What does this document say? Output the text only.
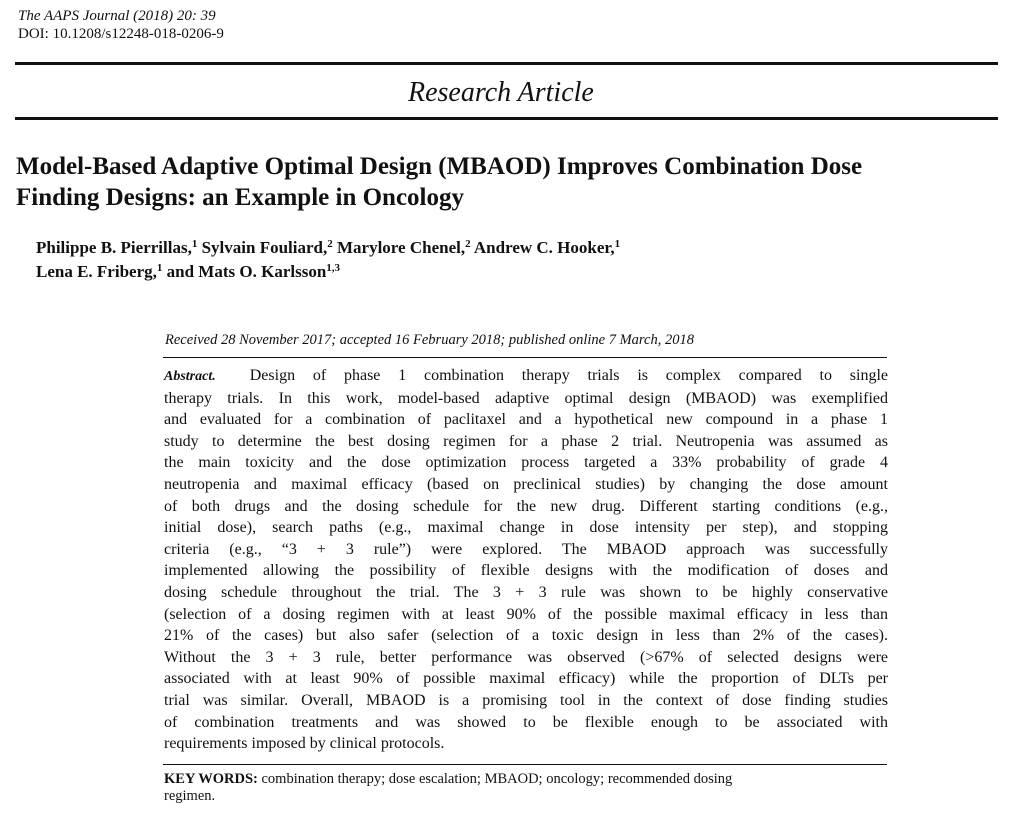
The AAPS Journal (2018) 20: 39
DOI: 10.1208/s12248-018-0206-9
Research Article
Model-Based Adaptive Optimal Design (MBAOD) Improves Combination Dose
Finding Designs: an Example in Oncology
Philippe B. Pierrillas,$^1$ Sylvain Fouliard,$^2$ Marylore Chenel,$^2$ Andrew C. Hooker,$^1$
Lena E. Friberg,$^1$ and Mats O. Karlsson$^{1,3}$
Received 28 November 2017; accepted 16 February 2018; published online 7 March, 2018
Abstract. Design of phase 1 combination therapy trials is complex compared to single
therapy trials. In this work, model-based adaptive optimal design (MBAOD) was exemplified
and evaluated for a combination of paclitaxel and a hypothetical new compound in a phase 1
study to determine the best dosing regimen for a phase 2 trial. Neutropenia was assumed as
the main toxicity and the dose optimization process targeted a 33% probability of grade 4
neutropenia and maximal efficacy (based on preclinical studies) by changing the dose amount
of both drugs and the dosing schedule for the new drug. Different starting conditions (e.g.,
initial dose), search paths (e.g., maximal change in dose intensity per step), and stopping
criteria (e.g., “3 + 3 rule”) were explored. The MBAOD approach was successfully
implemented allowing the possibility of flexible designs with the modification of doses and
dosing schedule throughout the trial. The 3 + 3 rule was shown to be highly conservative
(selection of a dosing regimen with at least 90% of the possible maximal efficacy in less than
21% of the cases) but also safer (selection of a toxic design in less than 2% of the cases).
Without the 3 + 3 rule, better performance was observed (>67% of selected designs were
associated with at least 90% of possible maximal efficacy) while the proportion of DLTs per
trial was similar. Overall, MBAOD is a promising tool in the context of dose finding studies
of combination treatments and was showed to be flexible enough to be associated with
requirements imposed by clinical protocols.
KEY WORDS: combination therapy; dose escalation; MBAOD; oncology; recommended dosing
regimen.
